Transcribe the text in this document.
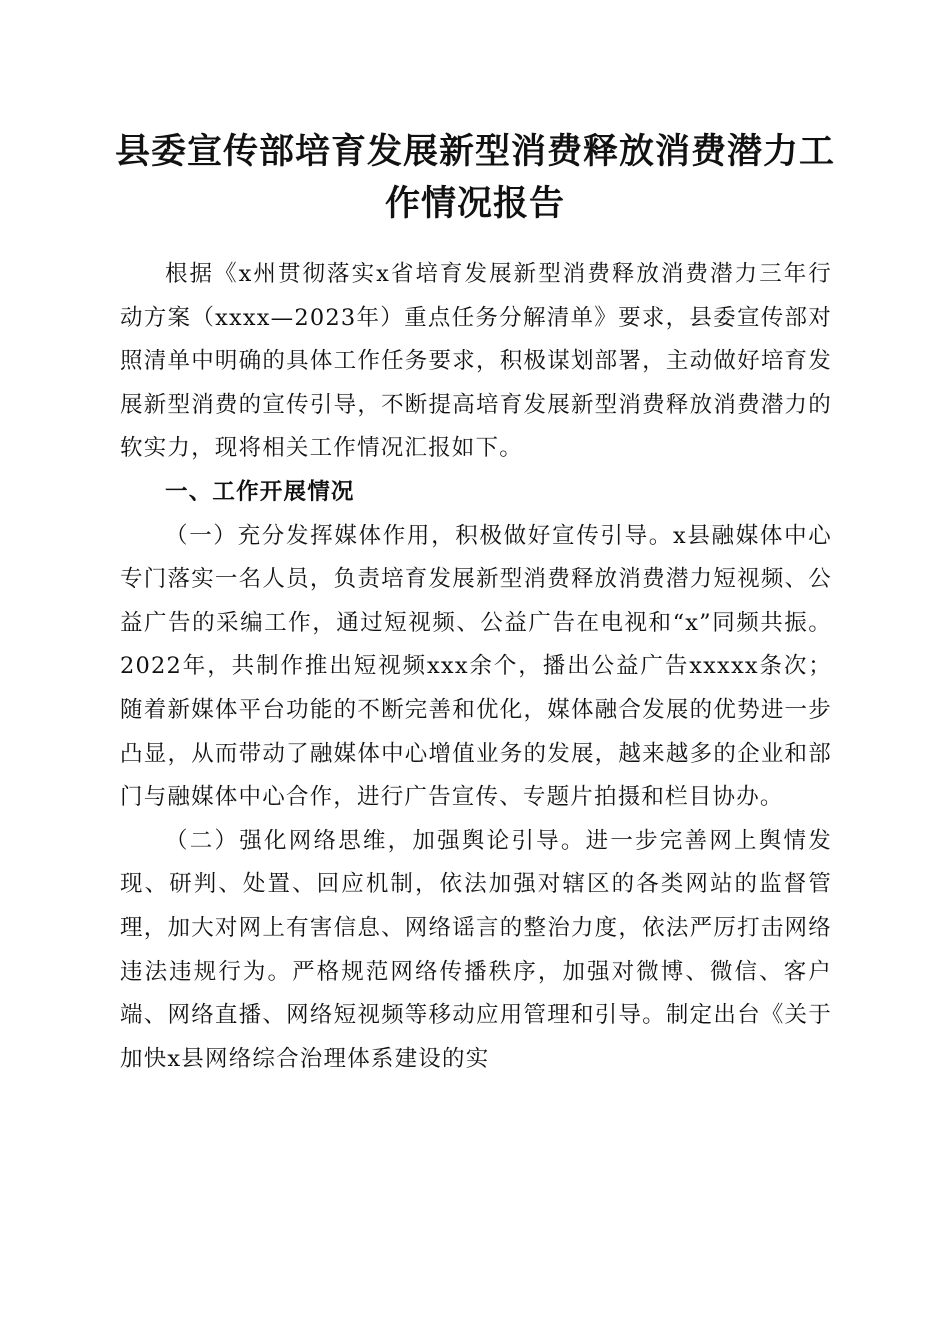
县委宣传部培育发展新型消费释放消费潜力工作情况报告

根据《x州贯彻落实x省培育发展新型消费释放消费潜力三年行动方案（xxxx—2023年）重点任务分解清单》要求，县委宣传部对照清单中明确的具体工作任务要求，积极谋划部署，主动做好培育发展新型消费的宣传引导，不断提高培育发展新型消费释放消费潜力的软实力，现将相关工作情况汇报如下。

一、工作开展情况

（一）充分发挥媒体作用，积极做好宣传引导。x县融媒体中心专门落实一名人员，负责培育发展新型消费释放消费潜力短视频、公益广告的采编工作，通过短视频、公益广告在电视和“x”同频共振。2022年，共制作推出短视频xxx余个，播出公益广告xxxxx条次；随着新媒体平台功能的不断完善和优化，媒体融合发展的优势进一步凸显，从而带动了融媒体中心增值业务的发展，越来越多的企业和部门与融媒体中心合作，进行广告宣传、专题片拍摄和栏目协办。

（二）强化网络思维，加强舆论引导。进一步完善网上舆情发现、研判、处置、回应机制，依法加强对辖区的各类网站的监督管理，加大对网上有害信息、网络谣言的整治力度，依法严厉打击网络违法违规行为。严格规范网络传播秩序，加强对微博、微信、客户端、网络直播、网络短视频等移动应用管理和引导。制定出台《关于加快x县网络综合治理体系建设的实
